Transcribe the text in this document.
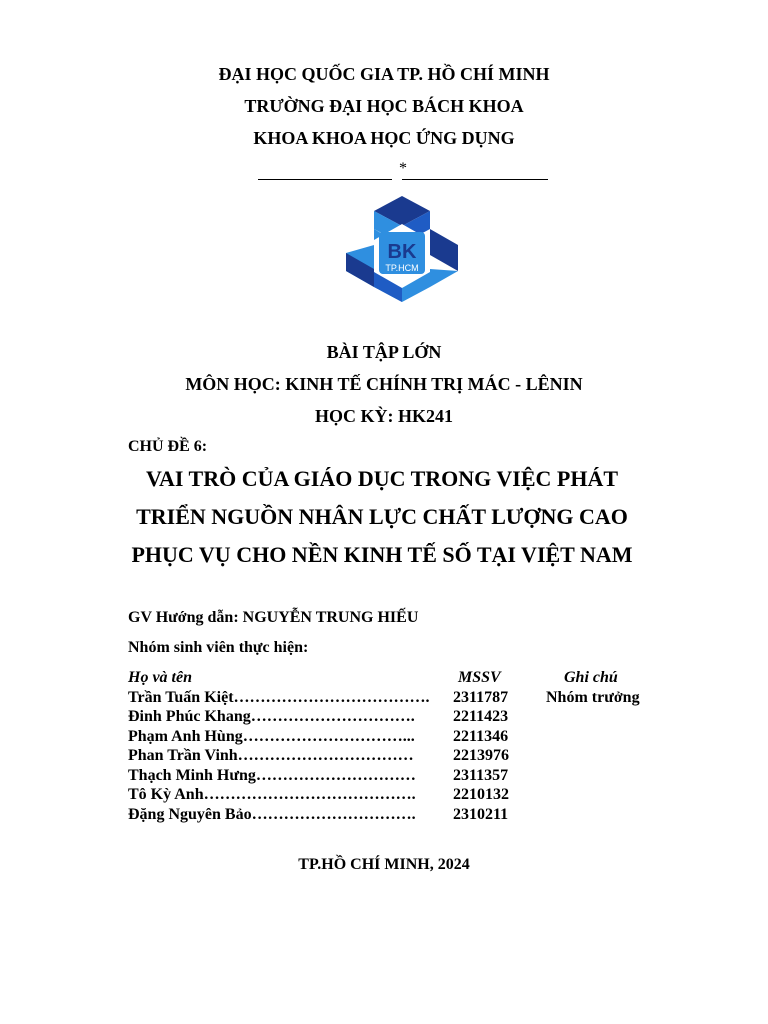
ĐẠI HỌC QUỐC GIA TP. HỒ CHÍ MINH
TRƯỜNG ĐẠI HỌC BÁCH KHOA
KHOA KHOA HỌC ỨNG DỤNG
*
BK
TP.HCM
BÀI TẬP LỚN
MÔN HỌC: KINH TẾ CHÍNH TRỊ MÁC - LÊNIN
HỌC KỲ: HK241
CHỦ ĐỀ 6:
VAI TRÒ CỦA GIÁO DỤC TRONG VIỆC PHÁT
TRIỂN NGUỒN NHÂN LỰC CHẤT LƯỢNG CAO
PHỤC VỤ CHO NỀN KINH TẾ SỐ TẠI VIỆT NAM
GV Hướng dẫn: NGUYỄN TRUNG HIẾU
Nhóm sinh viên thực hiện:
Họ và tên	MSSV	Ghi chú
Trần Tuấn Kiệt………………………………. 2311787 Nhóm trưởng
Đinh Phúc Khang…………………………. 2211423
Phạm Anh Hùng…………………………... 2211346
Phan Trần Vinh…………………………… 2213976
Thạch Minh Hưng………………………… 2311357
Tô Kỳ Anh…………………………………. 2210132
Đặng Nguyên Bảo…………………………. 2310211
TP.HỒ CHÍ MINH, 2024
